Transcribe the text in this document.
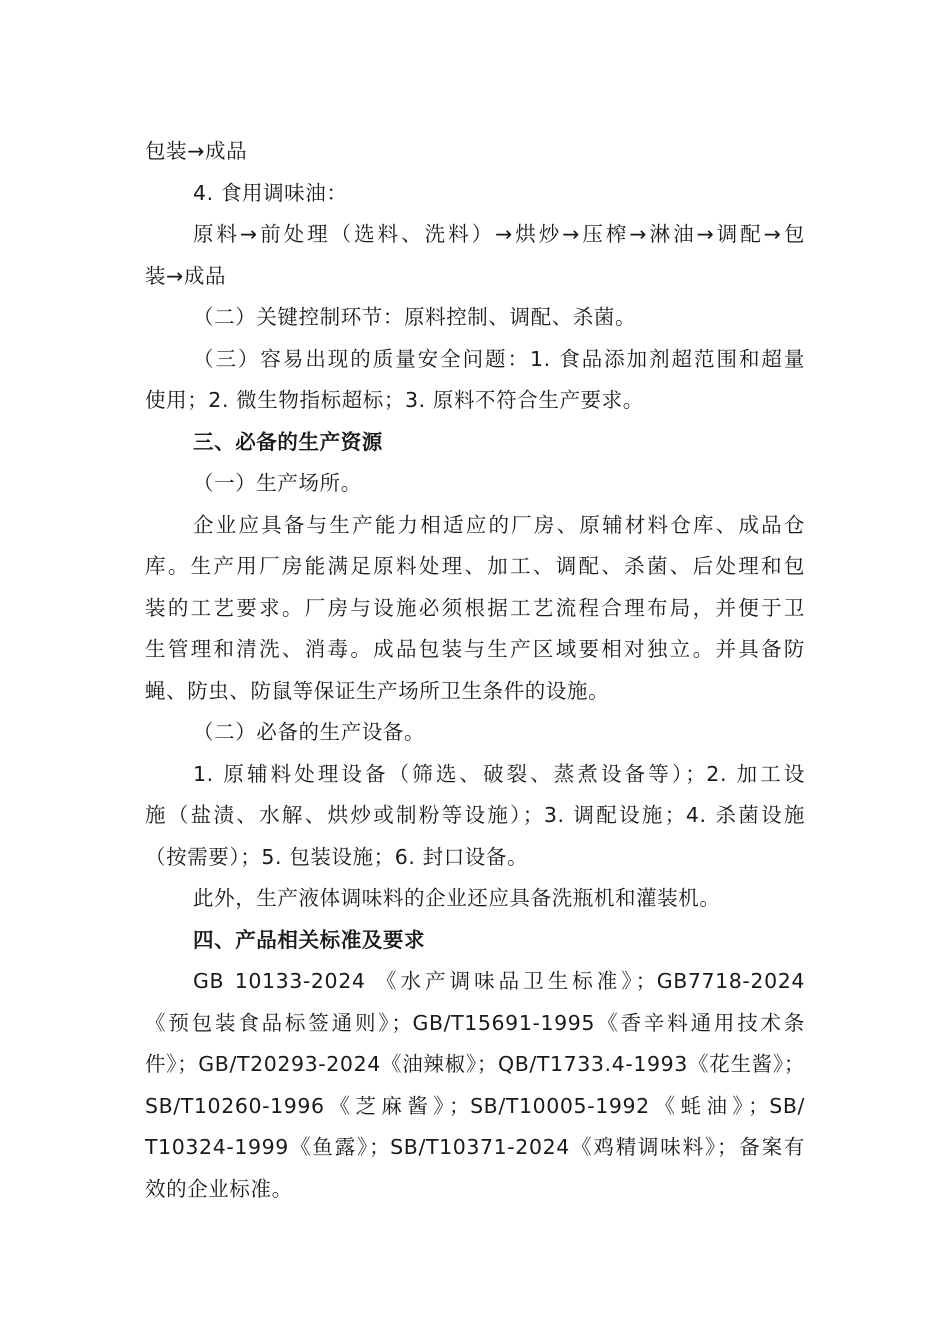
包装→成品
4. 食用调味油：
原料→前处理（选料、洗料）→烘炒→压榨→淋油→调配→包
装→成品
（二）关键控制环节：原料控制、调配、杀菌。
（三）容易出现的质量安全问题：1. 食品添加剂超范围和超量
使用；2. 微生物指标超标；3. 原料不符合生产要求。
三、必备的生产资源
（一）生产场所。
企业应具备与生产能力相适应的厂房、原辅材料仓库、成品仓
库。生产用厂房能满足原料处理、加工、调配、杀菌、后处理和包
装的工艺要求。厂房与设施必须根据工艺流程合理布局，并便于卫
生管理和清洗、消毒。成品包装与生产区域要相对独立。并具备防
蝇、防虫、防鼠等保证生产场所卫生条件的设施。
（二）必备的生产设备。
1. 原辅料处理设备（筛选、破裂、蒸煮设备等）；2. 加工设
施（盐渍、水解、烘炒或制粉等设施）；3. 调配设施；4. 杀菌设施
（按需要）；5. 包装设施；6. 封口设备。
此外，生产液体调味料的企业还应具备洗瓶机和灌装机。
四、产品相关标准及要求
GB 10133-2024 《水产调味品卫生标准》；GB7718-2024
《预包装食品标签通则》；GB/T15691-1995《香辛料通用技术条
件》；GB/T20293-2024《油辣椒》；QB/T1733.4-1993《花生酱》；
SB/T10260-1996《芝麻酱》；SB/T10005-1992《蚝油》；SB/
T10324-1999《鱼露》；SB/T10371-2024《鸡精调味料》；备案有
效的企业标准。
